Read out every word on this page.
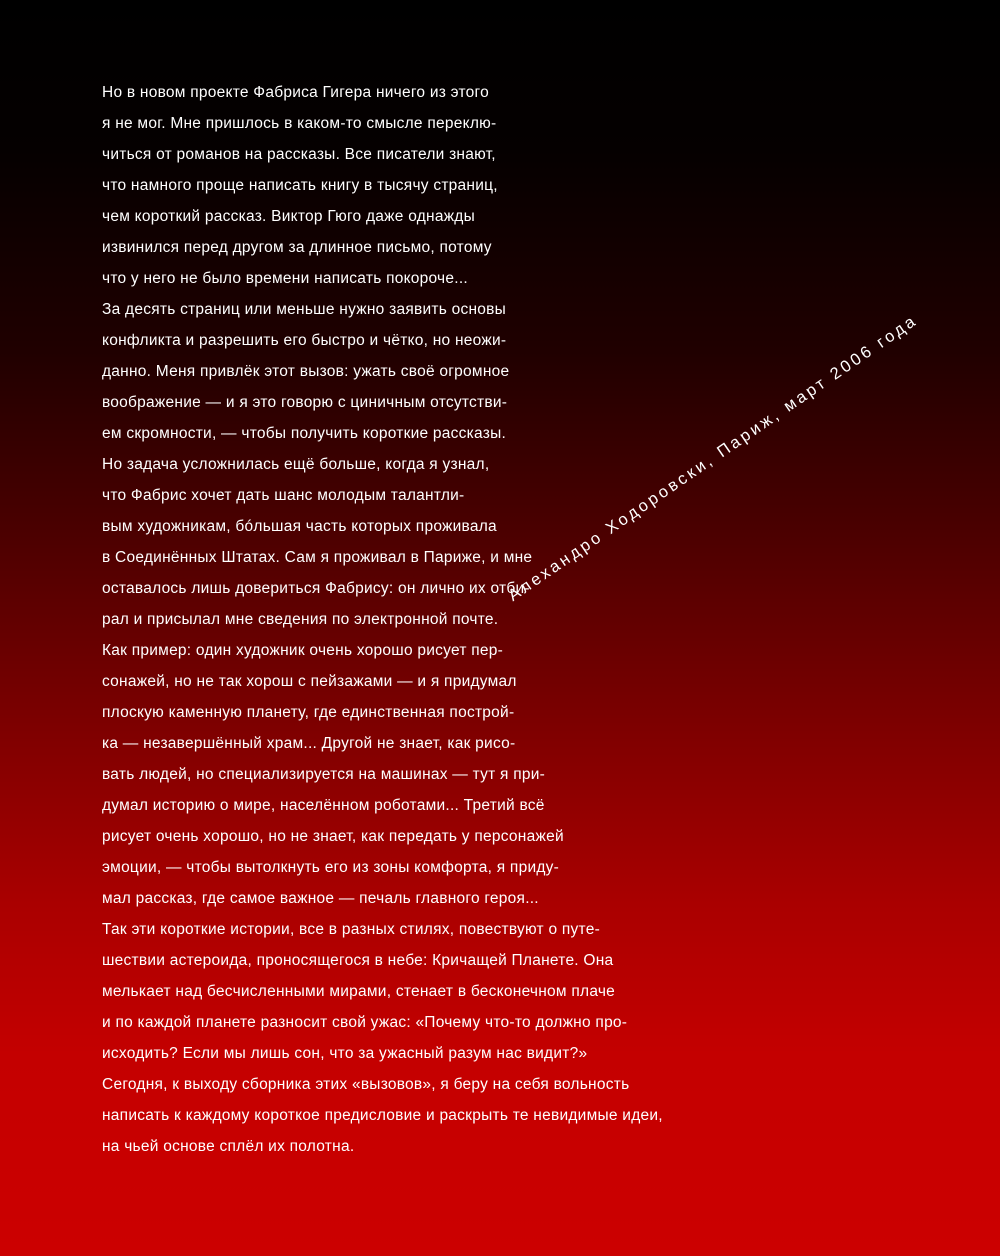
Но в новом проекте Фабриса Гигера ничего из этого
я не мог. Мне пришлось в каком-то смысле переклю-
читься от романов на рассказы. Все писатели знают,
что намного проще написать книгу в тысячу страниц,
чем короткий рассказ. Виктор Гюго даже однажды
извинился перед другом за длинное письмо, потому
что у него не было времени написать покороче...
За десять страниц или меньше нужно заявить основы
конфликта и разрешить его быстро и чётко, но неожи-
данно. Меня привлёк этот вызов: ужать своё огромное
воображение — и я это говорю с циничным отсутстви-
ем скромности, — чтобы получить короткие рассказы.
Но задача усложнилась ещё больше, когда я узнал,
что Фабрис хочет дать шанс молодым талантли-
вым художникам, бóльшая часть которых проживала
в Соединённых Штатах. Сам я проживал в Париже, и мне
оставалось лишь довериться Фабрису: он лично их отби-
рал и присылал мне сведения по электронной почте.
Как пример: один художник очень хорошо рисует пер-
сонажей, но не так хорош с пейзажами — и я придумал
плоскую каменную планету, где единственная построй-
ка — незавершённый храм... Другой не знает, как рисо-
вать людей, но специализируется на машинах — тут я при-
думал историю о мире, населённом роботами... Третий всё
рисует очень хорошо, но не знает, как передать у персонажей
эмоции, — чтобы вытолкнуть его из зоны комфорта, я приду-
мал рассказ, где самое важное — печаль главного героя...
Так эти короткие истории, все в разных стилях, повествуют о путе-
шествии астероида, проносящегося в небе: Кричащей Планете. Она
мелькает над бесчисленными мирами, стенает в бесконечном плаче
и по каждой планете разносит свой ужас: «Почему что-то должно про-
исходить? Если мы лишь сон, что за ужасный разум нас видит?»
Сегодня, к выходу сборника этих «вызовов», я беру на себя вольность
написать к каждому короткое предисловие и раскрыть те невидимые идеи,
на чьей основе сплёл их полотна.
Алехандро Ходоровски, Париж, март 2006 года
